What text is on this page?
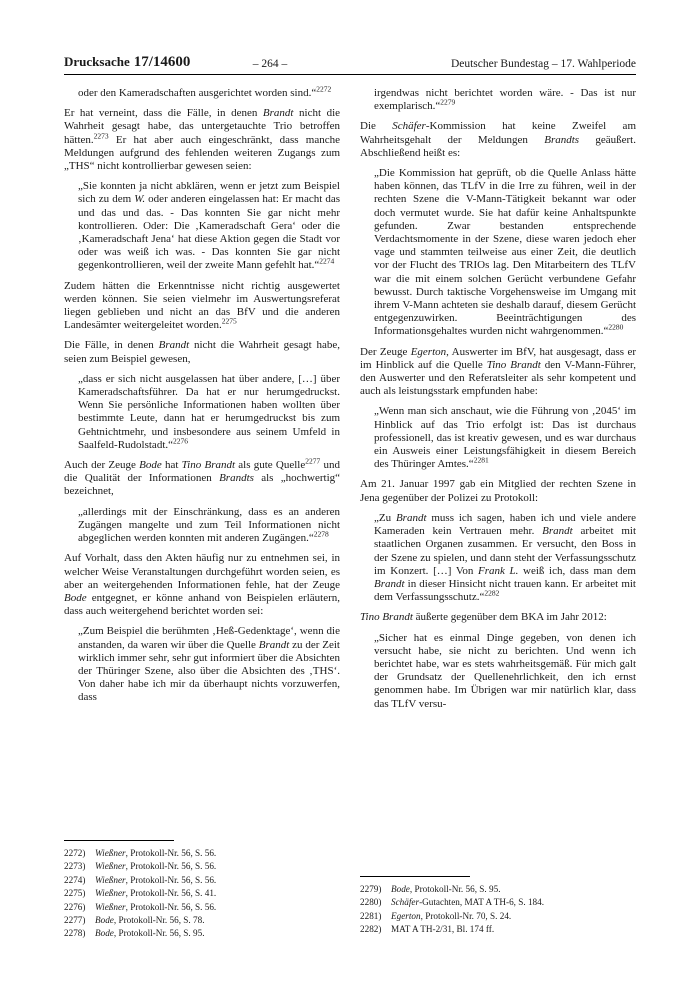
Drucksache 17/14600	– 264 –	Deutscher Bundestag – 17. Wahlperiode
oder den Kameradschaften ausgerichtet worden sind.“$^{2272}$
Er hat verneint, dass die Fälle, in denen Brandt nicht die Wahrheit gesagt habe, das untergetauchte Trio betroffen hätten.$^{2273}$ Er hat aber auch eingeschränkt, dass manche Meldungen aufgrund des fehlenden weiteren Zugangs zum „THS“ nicht kontrollierbar gewesen seien:
„Sie konnten ja nicht abklären, wenn er jetzt zum Beispiel sich zu dem W. oder anderen eingelassen hat: Er macht das und das und das. - Das konnten Sie gar nicht mehr kontrollieren. Oder: Die ‚Kameradschaft Gera‘ oder die ‚Kameradschaft Jena‘ hat diese Aktion gegen die Stadt vor oder was weiß ich was. - Das konnten Sie gar nicht gegenkontrollieren, weil der zweite Mann gefehlt hat.“$^{2274}$
Zudem hätten die Erkenntnisse nicht richtig ausgewertet werden können. Sie seien vielmehr im Auswertungsreferat liegen geblieben und nicht an das BfV und die anderen Landesämter weitergeleitet worden.$^{2275}$
Die Fälle, in denen Brandt nicht die Wahrheit gesagt habe, seien zum Beispiel gewesen,
„dass er sich nicht ausgelassen hat über andere, […] über Kameradschaftsführer. Da hat er nur herumgedruckst. Wenn Sie persönliche Informationen haben wollten über bestimmte Leute, dann hat er herumgedruckst bis zum Gehtnichtmehr, und insbesondere aus seinem Umfeld in Saalfeld-Rudolstadt.“$^{2276}$
Auch der Zeuge Bode hat Tino Brandt als gute Quelle$^{2277}$ und die Qualität der Informationen Brandts als „hochwertig“ bezeichnet,
„allerdings mit der Einschränkung, dass es an anderen Zugängen mangelte und zum Teil Informationen nicht abgeglichen werden konnten mit anderen Zugängen.“$^{2278}$
Auf Vorhalt, dass den Akten häufig nur zu entnehmen sei, in welcher Weise Veranstaltungen durchgeführt worden seien, es aber an weitergehenden Informationen fehle, hat der Zeuge Bode entgegnet, er könne anhand von Beispielen erläutern, dass auch weitergehend berichtet worden sei:
„Zum Beispiel die berühmten ‚Heß-Gedenktage‘, wenn die anstanden, da waren wir über die Quelle Brandt zu der Zeit wirklich immer sehr, sehr gut informiert über die Absichten der Thüringer Szene, also über die Absichten des ‚THS‘. Von daher habe ich mir da überhaupt nichts vorzuwerfen, dass
irgendwas nicht berichtet worden wäre. - Das ist nur exemplarisch.“$^{2279}$
Die Schäfer-Kommission hat keine Zweifel am Wahrheitsgehalt der Meldungen Brandts geäußert. Abschließend heißt es:
„Die Kommission hat geprüft, ob die Quelle Anlass hätte haben können, das TLfV in die Irre zu führen, weil in der rechten Szene die V-Mann-Tätigkeit bekannt war oder doch vermutet wurde. Sie hat dafür keine Anhaltspunkte gefunden. Zwar bestanden entsprechende Verdachtsmomente in der Szene, diese waren jedoch eher vage und stammten teilweise aus einer Zeit, die deutlich vor der Flucht des TRIOs lag. Den Mitarbeitern des TLfV war die mit einem solchen Gerücht verbundene Gefahr bewusst. Durch taktische Vorgehensweise im Umgang mit ihrem V-Mann achteten sie deshalb darauf, diesem Gerücht entgegenzuwirken. Beeinträchtigungen des Informationsgehaltes wurden nicht wahrgenommen.“$^{2280}$
Der Zeuge Egerton, Auswerter im BfV, hat ausgesagt, dass er im Hinblick auf die Quelle Tino Brandt den V-Mann-Führer, den Auswerter und den Referatsleiter als sehr kompetent und auch als leistungsstark empfunden habe:
„Wenn man sich anschaut, wie die Führung von ‚2045‘ im Hinblick auf das Trio erfolgt ist: Das ist durchaus professionell, das ist kreativ gewesen, und es war durchaus ein Ausweis einer Leistungsfähigkeit in diesem Bereich des Thüringer Amtes.“$^{2281}$
Am 21. Januar 1997 gab ein Mitglied der rechten Szene in Jena gegenüber der Polizei zu Protokoll:
„Zu Brandt muss ich sagen, haben ich und viele andere Kameraden kein Vertrauen mehr. Brandt arbeitet mit staatlichen Organen zusammen. Er versucht, den Boss in der Szene zu spielen, und dann steht der Verfassungsschutz im Konzert. […] Von Frank L. weiß ich, dass man dem Brandt in dieser Hinsicht nicht trauen kann. Er arbeitet mit dem Verfassungsschutz.“$^{2282}$
Tino Brandt äußerte gegenüber dem BKA im Jahr 2012:
„Sicher hat es einmal Dinge gegeben, von denen ich versucht habe, sie nicht zu berichten. Und wenn ich berichtet habe, war es stets wahrheitsgemäß. Für mich galt der Grundsatz der Quellenehrlichkeit, den ich ernst genommen habe. Im Übrigen war mir natürlich klar, dass das TLfV versu-
2272)	Wießner, Protokoll-Nr. 56, S. 56.
2273)	Wießner, Protokoll-Nr. 56, S. 56.
2274)	Wießner, Protokoll-Nr. 56, S. 56.
2275)	Wießner, Protokoll-Nr. 56, S. 41.
2276)	Wießner, Protokoll-Nr. 56, S. 56.
2277)	Bode, Protokoll-Nr. 56, S. 78.
2278)	Bode, Protokoll-Nr. 56, S. 95.
2279)	Bode, Protokoll-Nr. 56, S. 95.
2280)	Schäfer-Gutachten, MAT A TH-6, S. 184.
2281)	Egerton, Protokoll-Nr. 70, S. 24.
2282)	MAT A TH-2/31, Bl. 174 ff.
